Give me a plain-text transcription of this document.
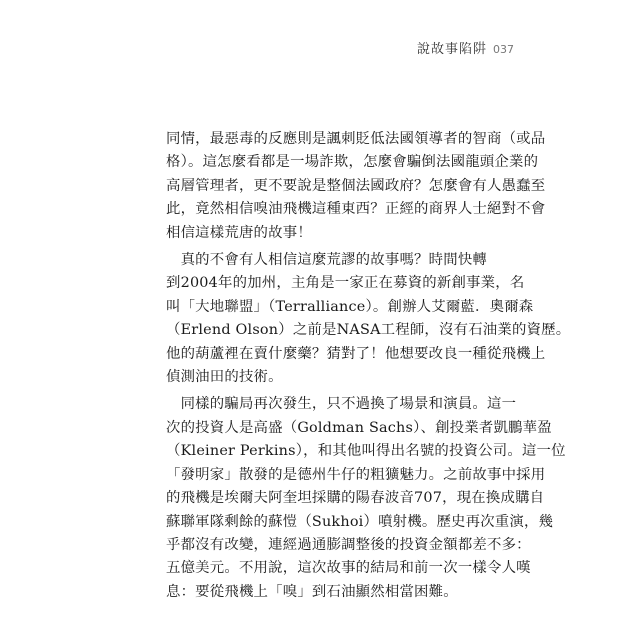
說故事陷阱 037
同情，最惡毒的反應則是諷刺貶低法國領導者的智商（或品
格）。這怎麼看都是一場詐欺，怎麼會騙倒法國龍頭企業的
高層管理者，更不要說是整個法國政府？怎麼會有人愚蠢至
此，竟然相信嗅油飛機這種東西？正經的商界人士絕對不會
相信這樣荒唐的故事！
　真的不會有人相信這麼荒謬的故事嗎？時間快轉
到2004年的加州，主角是一家正在募資的新創事業，名
叫「大地聯盟」（Terralliance）。創辦人艾爾藍．奧爾森
（Erlend Olson）之前是NASA工程師，沒有石油業的資歷。
他的葫蘆裡在賣什麼藥？猜對了！他想要改良一種從飛機上
偵測油田的技術。
　同樣的騙局再次發生，只不過換了場景和演員。這一
次的投資人是高盛（Goldman Sachs）、創投業者凱鵬華盈
（Kleiner Perkins），和其他叫得出名號的投資公司。這一位
「發明家」散發的是德州牛仔的粗獷魅力。之前故事中採用
的飛機是埃爾夫阿奎坦採購的陽春波音707，現在換成購自
蘇聯軍隊剩餘的蘇愷（Sukhoi）噴射機。歷史再次重演，幾
乎都沒有改變，連經過通膨調整後的投資金額都差不多：
五億美元。不用說，這次故事的結局和前一次一樣令人嘆
息：要從飛機上「嗅」到石油顯然相當困難。
